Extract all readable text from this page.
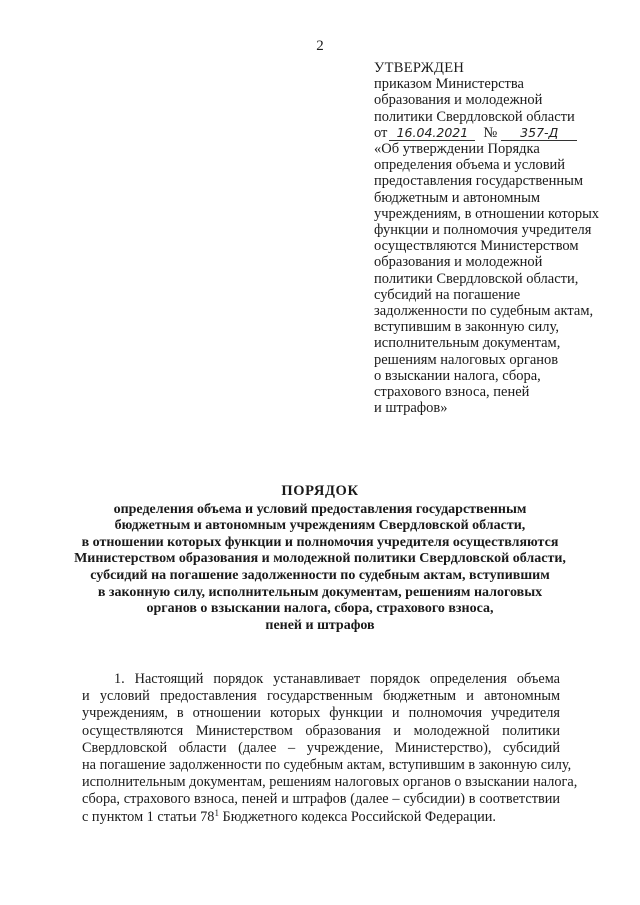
2
УТВЕРЖДЕН
приказом Министерства
образования и молодежной
политики Свердловской области
от 16.04.2021	№	357-Д
«Об утверждении Порядка
определения объема и условий
предоставления государственным
бюджетным и автономным
учреждениям, в отношении которых
функции и полномочия учредителя
осуществляются Министерством
образования и молодежной
политики Свердловской области,
субсидий на погашение
задолженности по судебным актам,
вступившим в законную силу,
исполнительным документам,
решениям налоговых органов
о взыскании налога, сбора,
страхового взноса, пеней
и штрафов»
ПОРЯДОК
определения объема и условий предоставления государственным
бюджетным и автономным учреждениям Свердловской области,
в отношении которых функции и полномочия учредителя осуществляются
Министерством образования и молодежной политики Свердловской области,
субсидий на погашение задолженности по судебным актам, вступившим
в законную силу, исполнительным документам, решениям налоговых
органов о взыскании налога, сбора, страхового взноса,
пеней и штрафов
1. Настоящий порядок устанавливает порядок определения объема
и условий предоставления государственным бюджетным и автономным
учреждениям, в отношении которых функции и полномочия учредителя
осуществляются Министерством образования и молодежной политики
Свердловской области (далее – учреждение, Министерство), субсидий
на погашение задолженности по судебным актам, вступившим в законную силу,
исполнительным документам, решениям налоговых органов о взыскании налога,
сбора, страхового взноса, пеней и штрафов (далее – субсидии) в соответствии
с пунктом 1 статьи 78$^1$ Бюджетного кодекса Российской Федерации.
